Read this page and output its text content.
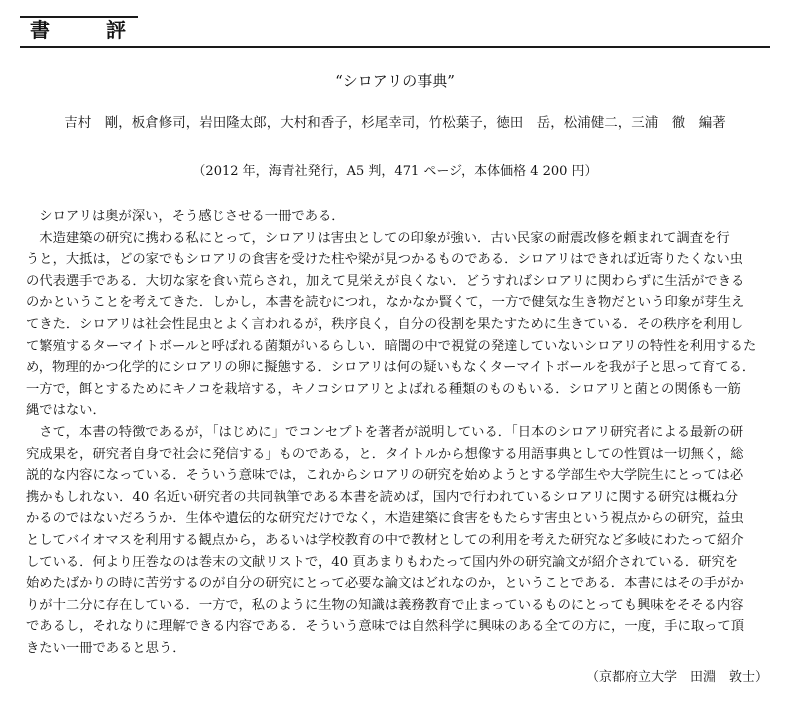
書　評
“シロアリの事典”
吉村　剛，板倉修司，岩田隆太郎，大村和香子，杉尾幸司，竹松葉子，徳田　岳，松浦健二，三浦　徹　編著
（2012 年，海青社発行，A5 判，471 ページ，本体価格 4 200 円）
　シロアリは奥が深い，そう感じさせる一冊である．
　木造建築の研究に携わる私にとって，シロアリは害虫としての印象が強い．古い民家の耐震改修を頼まれて調査を行
うと，大抵は，どの家でもシロアリの食害を受けた柱や梁が見つかるものである．シロアリはできれば近寄りたくない虫
の代表選手である．大切な家を食い荒らされ，加えて見栄えが良くない．どうすればシロアリに関わらずに生活ができる
のかということを考えてきた．しかし，本書を読むにつれ，なかなか賢くて，一方で健気な生き物だという印象が芽生え
てきた．シロアリは社会性昆虫とよく言われるが，秩序良く，自分の役割を果たすために生きている．その秩序を利用し
て繁殖するターマイトボールと呼ばれる菌類がいるらしい．暗闇の中で視覚の発達していないシロアリの特性を利用するた
め，物理的かつ化学的にシロアリの卵に擬態する．シロアリは何の疑いもなくターマイトボールを我が子と思って育てる．
一方で，餌とするためにキノコを栽培する，キノコシロアリとよばれる種類のものもいる．シロアリと菌との関係も一筋
縄ではない．
　さて，本書の特徴であるが，「はじめに」でコンセプトを著者が説明している．「日本のシロアリ研究者による最新の研
究成果を，研究者自身で社会に発信する」ものである，と．タイトルから想像する用語事典としての性質は一切無く，総
説的な内容になっている．そういう意味では，これからシロアリの研究を始めようとする学部生や大学院生にとっては必
携かもしれない．40 名近い研究者の共同執筆である本書を読めば，国内で行われているシロアリに関する研究は概ね分
かるのではないだろうか．生体や遺伝的な研究だけでなく，木造建築に食害をもたらす害虫という視点からの研究，益虫
としてバイオマスを利用する観点から，あるいは学校教育の中で教材としての利用を考えた研究など多岐にわたって紹介
している．何より圧巻なのは巻末の文献リストで，40 頁あまりもわたって国内外の研究論文が紹介されている．研究を
始めたばかりの時に苦労するのが自分の研究にとって必要な論文はどれなのか，ということである．本書にはその手がか
りが十二分に存在している．一方で，私のように生物の知識は義務教育で止まっているものにとっても興味をそそる内容
であるし，それなりに理解できる内容である．そういう意味では自然科学に興味のある全ての方に，一度，手に取って頂
きたい一冊であると思う．
（京都府立大学　田淵　敦士）
